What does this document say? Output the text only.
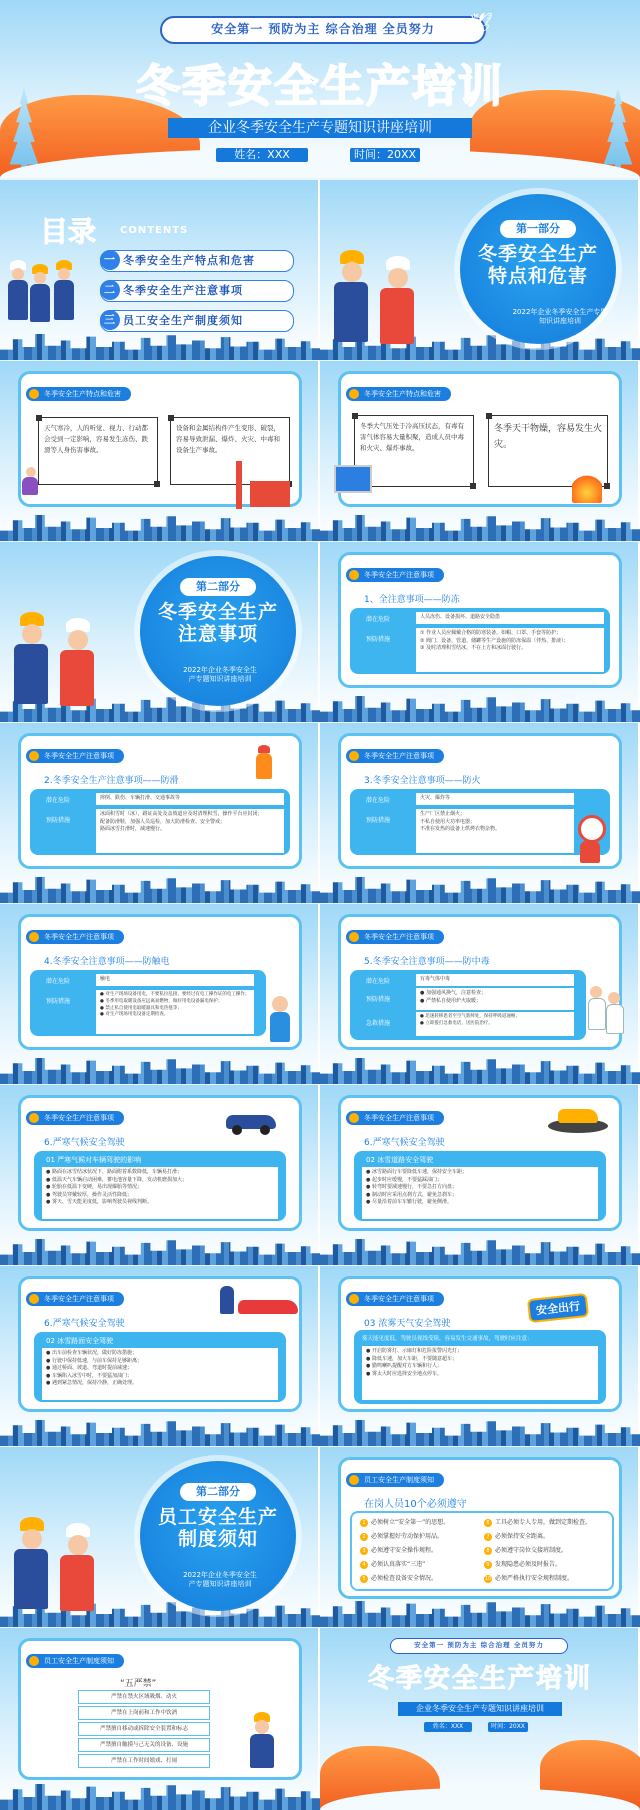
安全第一 预防为主 综合治理 全员努力
冬季安全生产培训
企业冬季安全生产专题知识讲座培训
姓名：XXX	时间：20XX
🕊
目录 CONTENTS
一 冬季安全生产特点和危害
二 冬季安全生产注意事项
三 员工安全生产制度须知
第一部分
冬季安全生产
特点和危害
2022年企业冬季安全生产专题知识讲座培训
冬季安全生产特点和危害
天气寒冷，人的听觉、视力、行动都会受到一定影响，容易发生冻伤、跌滑等人身伤害事故。
设备和金属结构件产生变形、破裂，容易导致泄漏、爆炸、火灾、中毒和设备生产事故。
冬季安全生产特点和危害
冬季大气压处于冷高压状态，有毒有害气体容易大量积聚，造成人员中毒和火灾、爆炸事故。
冬季天干物燥，容易发生火灾。
第二部分
冬季安全生产
注意事项
2022年企业冬季安全生产专题知识讲座培训
冬季安全生产注意事项
1、全注意事项——防冻
潜在危险	人员冻伤、设备损坏、道路安全隐患
预防措施
① 作业人员应佩戴合格的防寒装备，如帽、口罩、手套等防护；
② 阀门、设备、管道、储罐等生产设施的防冻保温（伴热、排液）；
③ 及时清理积雪结冰，不在上方和冰面行驶行。
冬季安全生产注意事项
2.冬季安全生产注意事项——防滑
潜在危险	摔倒、跌伤、车辆打滑、交通事故等
预防措施
冰面积雪时（冰），路证高处及盖坡道应及时清理积雪，操作平台应封闭；
配备防滑鞋，加强人员巡检，加大防滑检查、安全警戒；
路面冰雪打滑时，减速慢行。
冬季安全生产注意事项
3.冬季安全注意事项——防火
潜在危险	火灾、爆炸等
预防措施
生产厂区禁止烟火；
不私自使用大功率电器；
不准在发热的设备上烘烤衣物杂物。
冬季安全生产注意事项
4.冬季安全注意事项——防触电
潜在危险	触电
预防措施
● 对生产现场设备用电，不要私拉乱接，要经过有电工操作证的电工操作；
● 冬季用电取暖设备应远离易燃物，做好用电设备漏电保护；
● 禁止私自使用电取暖器具和电热毯等；
● 对生产现场用电设备定期检查。
冬季安全生产注意事项
5.冬季安全注意事项——防中毒
潜在危险	有毒气体中毒
预防措施
● 加强通风换气，注意检查；
● 严禁私自使用炉火取暖；
急救措施
● 迅速转移患者至空气新鲜处，保持呼吸道通畅；
● 立即拨打急救电话，送医院治疗。
冬季安全生产注意事项
6.严寒气候安全驾驶
01 严寒气候对车辆驾驶的影响
● 路面在冰雪结冰状况下，路面附着系数降低，车辆易打滑；
● 低温天气车辆启动困难，蓄电池容量下降，发动机磨损加大；
● 轮胎在低温下变硬，易出现爆胎等情况；
● 驾驶员穿戴较厚，操作灵活性降低；
● 雾天、雪天能见度低，影响驾驶员视线判断。
冬季安全生产注意事项
6.严寒气候安全驾驶
02 冰雪道路安全驾驶
● 冰雪路面行车要降低车速，保持安全车距；
● 起步时应缓慢，不要猛踩油门；
● 转弯时要减速慢行，不要急打方向盘；
● 制动时应采用点刹方式，避免急刹车；
● 尽量沿着前车车辙行驶，避免侧滑。
冬季安全生产注意事项
6.严寒气候安全驾驶
02 冰雪路面安全驾驶
● 出车前检查车辆状况，做好防冻措施；
● 行驶中保持低速，与前车保持足够距离；
● 通过桥面、坡道、弯道时提前减速；
● 车辆陷入冰雪中时，不要猛加油门；
● 遇到紧急情况，保持冷静，正确处理。
冬季安全生产注意事项
03 浓雾天气安全驾驶
雾天能见度低，驾驶员视线受阻，容易发生交通事故，驾驶时应注意：
● 开启防雾灯、示廓灯和危险报警闪光灯；
● 降低车速，加大车距，不要随意超车；
● 勤鸣喇叭提醒对方车辆和行人；
● 雾太大时应选择安全地点停车。
安全出行
第二部分
员工安全生产
制度须知
2022年企业冬季安全生产专题知识讲座培训
员工安全生产制度须知
在岗人员10个必须遵守
1 必须树立“安全第一”的思想。
2 必须掌握好劳动保护用品。
3 必须遵守安全操作规程。
4 必须认真落实“三违”
5 必须检查设备安全情况。
6 工具必须专人专用，做到定期检查。
7 必须保持安全距离。
8 必须遵守岗位交接班制度。
9 发现隐患必须及时报告。
10 必须严格执行安全规程制度。
员工安全生产制度须知
“五严禁”
严禁在禁火区域吸烟、动火
严禁在上岗前和工作中饮酒
严禁擅自移动或拆除安全装置和标志
严禁擅自触摸与己无关的设备、设施
严禁在工作时间嬉戏、打闹
安全第一 预防为主 综合治理 全员努力
冬季安全生产培训
企业冬季安全生产专题知识讲座培训
姓名：XXX	时间：20XX
